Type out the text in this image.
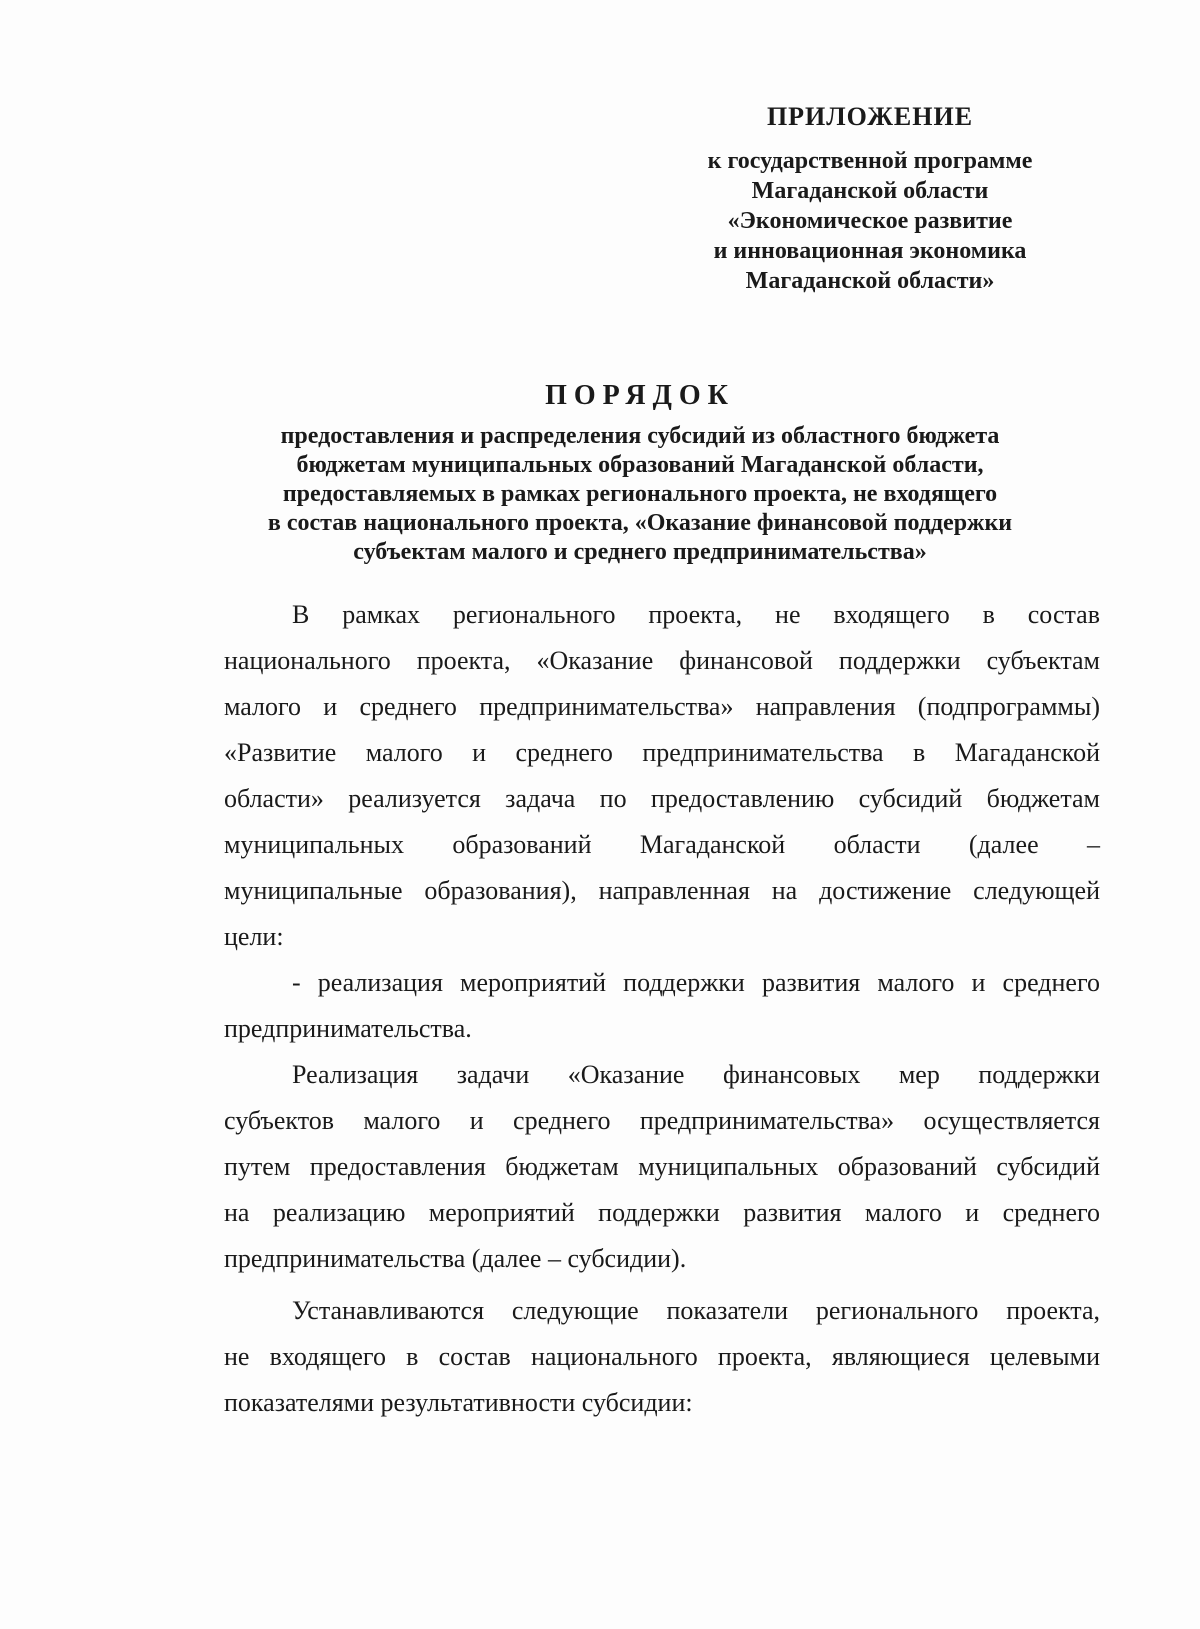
ПРИЛОЖЕНИЕ
к государственной программе
Магаданской области
«Экономическое развитие
и инновационная экономика
Магаданской области»
ПОРЯДОК
предоставления и распределения субсидий из областного бюджета
бюджетам муниципальных образований Магаданской области,
предоставляемых в рамках регионального проекта, не входящего
в состав национального проекта, «Оказание финансовой поддержки
субъектам малого и среднего предпринимательства»
В рамках регионального проекта, не входящего в состав
национального проекта, «Оказание финансовой поддержки субъектам
малого и среднего предпринимательства» направления (подпрограммы)
«Развитие малого и среднего предпринимательства в Магаданской
области» реализуется задача по предоставлению субсидий бюджетам
муниципальных образований Магаданской области (далее –
муниципальные образования), направленная на достижение следующей
цели:
- реализация мероприятий поддержки развития малого и среднего
предпринимательства.
Реализация задачи «Оказание финансовых мер поддержки
субъектов малого и среднего предпринимательства» осуществляется
путем предоставления бюджетам муниципальных образований субсидий
на реализацию мероприятий поддержки развития малого и среднего
предпринимательства (далее – субсидии).
Устанавливаются следующие показатели регионального проекта,
не входящего в состав национального проекта, являющиеся целевыми
показателями результативности субсидии:
